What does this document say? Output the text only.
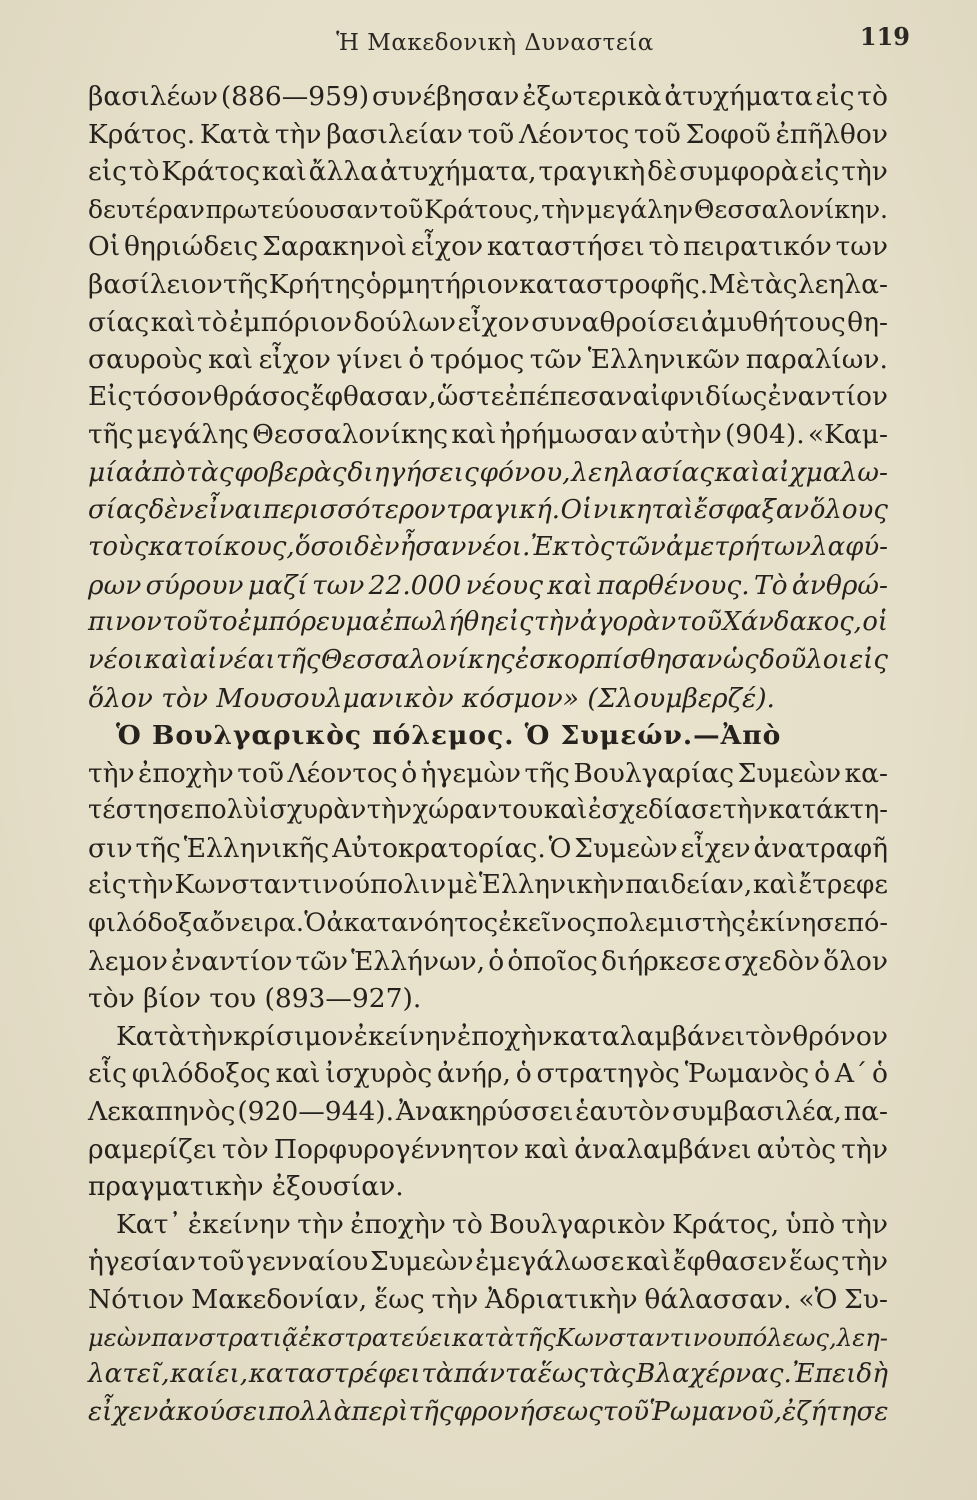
Ἡ Μακεδονικὴ Δυναστεία	119
βασιλέων (886—959) συνέβησαν ἐξωτερικὰ ἀτυχήματα εἰς τὸ
Κράτος. Κατὰ τὴν βασιλείαν τοῦ Λέοντος τοῦ Σοφοῦ ἐπῆλθον
εἰς τὸ Κράτος καὶ ἄλλα ἀτυχήματα, τραγικὴ δὲ συμφορὰ εἰς τὴν
δευτέραν πρωτεύουσαν τοῦ Κράτους, τὴν μεγάλην Θεσσαλονίκην.
Οἱ θηριώδεις Σαρακηνοὶ εἶχον καταστήσει τὸ πειρατικόν των
βασίλειον τῆς Κρήτης ὁρμητήριον καταστροφῆς. Μὲ τὰς λεηλα-
σίας καὶ τὸ ἐμπόριον δούλων εἶχον συναθροίσει ἀμυθήτους θη-
σαυροὺς καὶ εἶχον γίνει ὁ τρόμος τῶν Ἑλληνικῶν παραλίων.
Εἰς τόσον θράσος ἔφθασαν, ὥστε ἐπέπεσαν αἰφνιδίως ἐναντίον
τῆς μεγάλης Θεσσαλονίκης καὶ ἠρήμωσαν αὐτὴν (904). «Καμ-
μία ἀπὸ τὰς φοβερὰς διηγήσεις φόνου, λεηλασίας καὶ αἰχμαλω-
σίας δὲν εἶναι περισσότερον τραγική. Οἱ νικηταὶ ἔσφαξαν ὅλους
τοὺς κατοίκους, ὅσοι δὲν ἦσαν νέοι. Ἐκτὸς τῶν ἀμετρήτων λαφύ-
ρων σύρουν μαζί των 22.000 νέους καὶ παρθένους. Τὸ ἀνθρώ-
πινον τοῦτο ἐμπόρευμα ἐπωλήθη εἰς τὴν ἀγορὰν τοῦ Χάνδακος, οἱ
νέοι καὶ αἱ νέαι τῆς Θεσσαλονίκης ἐσκορπίσθησαν ὡς δοῦλοι εἰς
ὅλον τὸν Μουσουλμανικὸν κόσμον» (Σλουμβερζέ).
Ὁ Βουλγαρικὸς πόλεμος. Ὁ Συμεών.—Ἀπὸ
τὴν ἐποχὴν τοῦ Λέοντος ὁ ἡγεμὼν τῆς Βουλγαρίας Συμεὼν κα-
τέστησε πολὺ ἰσχυρὰν τὴν χώραν του καὶ ἐσχεδίασε τὴν κατάκτη-
σιν τῆς Ἑλληνικῆς Αὐτοκρατορίας. Ὁ Συμεὼν εἶχεν ἀνατραφῆ
εἰς τὴν Κωνσταντινούπολιν μὲ Ἑλληνικὴν παιδείαν, καὶ ἔτρεφε
φιλόδοξα ὄνειρα. Ὁ ἀκατανόητος ἐκεῖνος πολεμιστὴς ἐκίνησε πό-
λεμον ἐναντίον τῶν Ἑλλήνων, ὁ ὁποῖος διήρκεσε σχεδὸν ὅλον
τὸν βίον του (893—927).
Κατὰ τὴν κρίσιμον ἐκείνην ἐποχὴν καταλαμβάνει τὸν θρόνον
εἷς φιλόδοξος καὶ ἰσχυρὸς ἀνήρ, ὁ στρατηγὸς Ῥωμανὸς ὁ Α΄ ὁ
Λεκαπηνὸς (920—944). Ἀνακηρύσσει ἑαυτὸν συμβασιλέα, πα-
ραμερίζει τὸν Πορφυρογέννητον καὶ ἀναλαμβάνει αὐτὸς τὴν
πραγματικὴν ἐξουσίαν.
Κατ᾿ ἐκείνην τὴν ἐποχὴν τὸ Βουλγαρικὸν Κράτος, ὑπὸ τὴν
ἡγεσίαν τοῦ γενναίου Συμεὼν ἐμεγάλωσε καὶ ἔφθασεν ἕως τὴν
Νότιον Μακεδονίαν, ἕως τὴν Ἀδριατικὴν θάλασσαν. «Ὁ Συ-
μεὼν πανστρατιᾷ ἐκστρατεύει κατὰ τῆς Κωνσταντινουπόλεως, λεη-
λατεῖ, καίει, καταστρέφει τὰ πάντα ἕως τὰς Βλαχέρνας. Ἐπειδὴ
εἶχεν ἀκούσει πολλὰ περὶ τῆς φρονήσεως τοῦ Ῥωμανοῦ, ἐζήτησε
